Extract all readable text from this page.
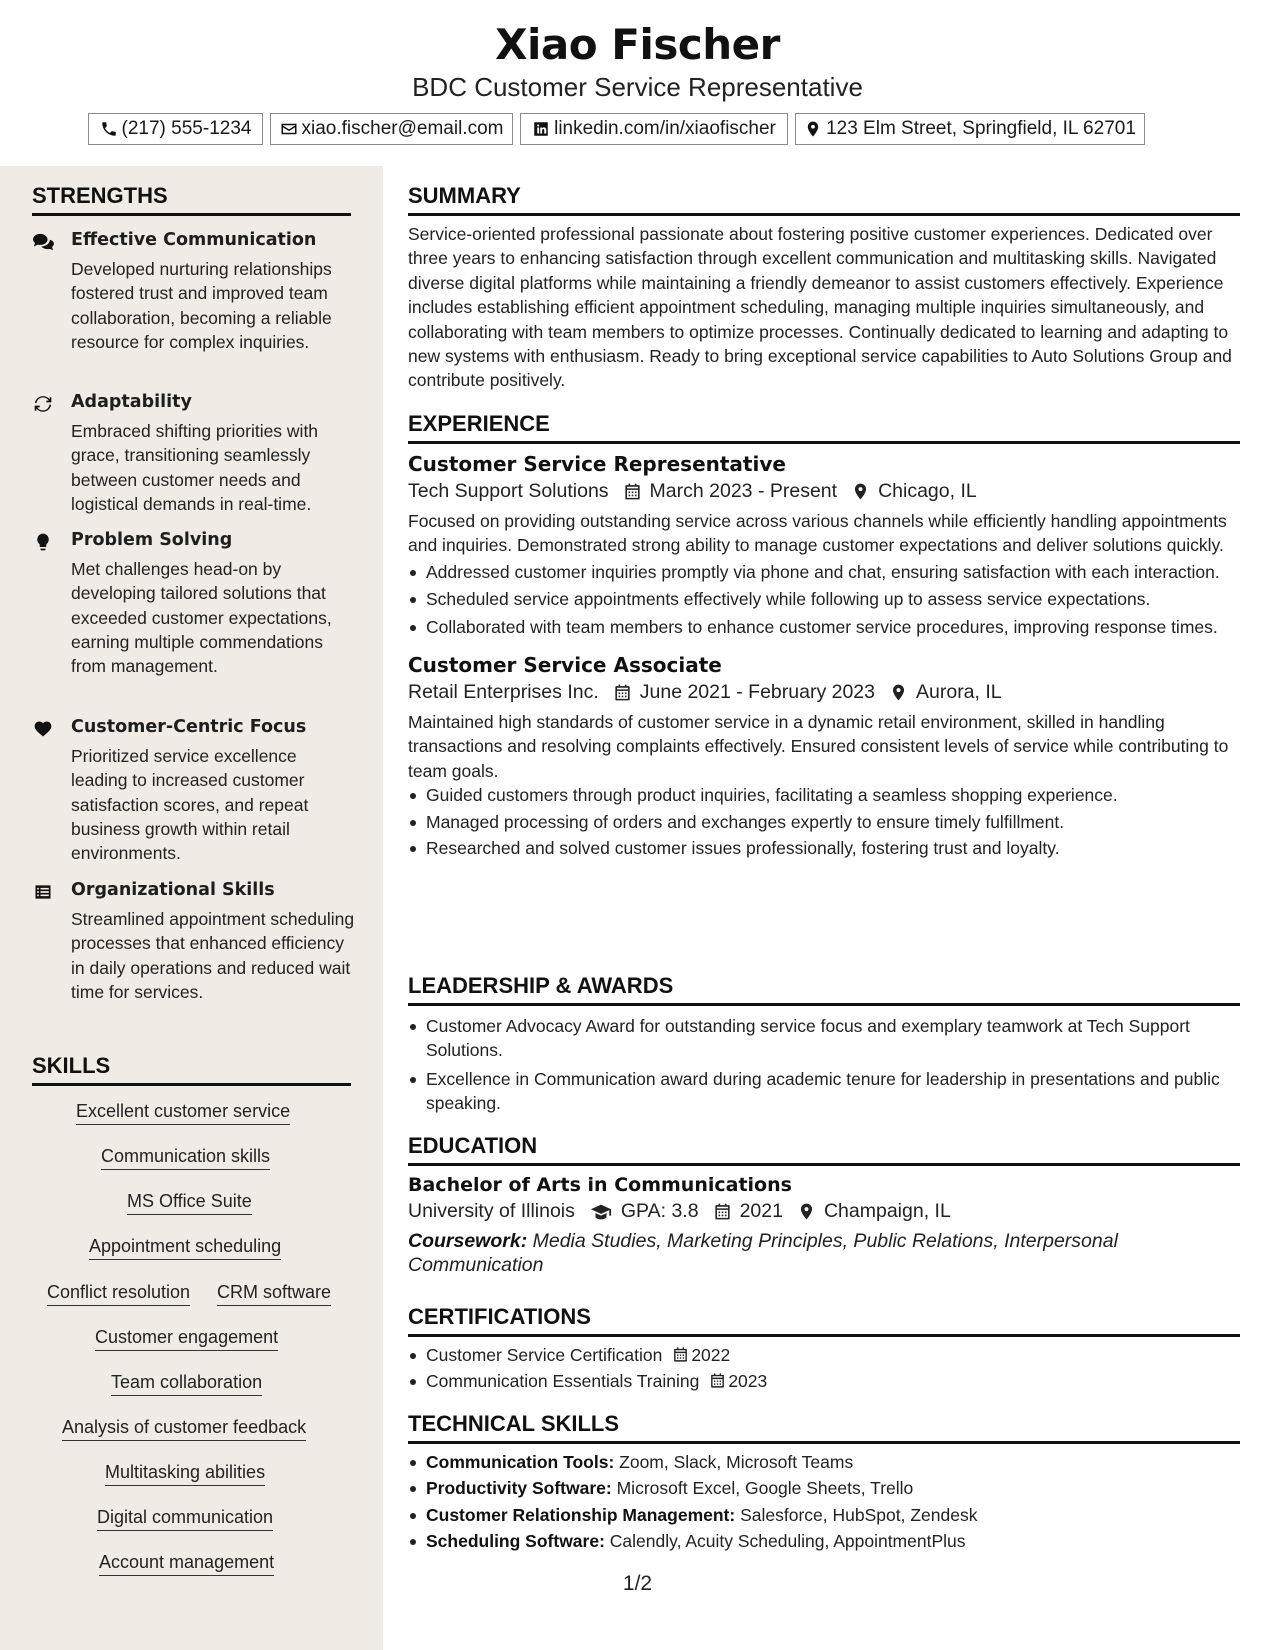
Xiao Fischer
BDC Customer Service Representative
(217) 555-1234	xiao.fischer@email.com	linkedin.com/in/xiaofischer	123 Elm Street, Springfield, IL 62701
STRENGTHS
Effective Communication
Developed nurturing relationships fostered trust and improved team collaboration, becoming a reliable resource for complex inquiries.
Adaptability
Embraced shifting priorities with grace, transitioning seamlessly between customer needs and logistical demands in real-time.
Problem Solving
Met challenges head-on by developing tailored solutions that exceeded customer expectations, earning multiple commendations from management.
Customer-Centric Focus
Prioritized service excellence leading to increased customer satisfaction scores, and repeat business growth within retail environments.
Organizational Skills
Streamlined appointment scheduling processes that enhanced efficiency in daily operations and reduced wait time for services.
SKILLS
Excellent customer service
Communication skills
MS Office Suite
Appointment scheduling
Conflict resolution CRM software
Customer engagement
Team collaboration
Analysis of customer feedback
Multitasking abilities
Digital communication
Account management
SUMMARY
Service-oriented professional passionate about fostering positive customer experiences. Dedicated over three years to enhancing satisfaction through excellent communication and multitasking skills. Navigated diverse digital platforms while maintaining a friendly demeanor to assist customers effectively. Experience includes establishing efficient appointment scheduling, managing multiple inquiries simultaneously, and collaborating with team members to optimize processes. Continually dedicated to learning and adapting to new systems with enthusiasm. Ready to bring exceptional service capabilities to Auto Solutions Group and contribute positively.
EXPERIENCE
Customer Service Representative
Tech Support Solutions March 2023 - Present Chicago, IL
Focused on providing outstanding service across various channels while efficiently handling appointments and inquiries. Demonstrated strong ability to manage customer expectations and deliver solutions quickly.
Addressed customer inquiries promptly via phone and chat, ensuring satisfaction with each interaction.
Scheduled service appointments effectively while following up to assess service expectations.
Collaborated with team members to enhance customer service procedures, improving response times.
Customer Service Associate
Retail Enterprises Inc. June 2021 - February 2023 Aurora, IL
Maintained high standards of customer service in a dynamic retail environment, skilled in handling transactions and resolving complaints effectively. Ensured consistent levels of service while contributing to team goals.
Guided customers through product inquiries, facilitating a seamless shopping experience.
Managed processing of orders and exchanges expertly to ensure timely fulfillment.
Researched and solved customer issues professionally, fostering trust and loyalty.
LEADERSHIP & AWARDS
Customer Advocacy Award for outstanding service focus and exemplary teamwork at Tech Support Solutions.
Excellence in Communication award during academic tenure for leadership in presentations and public speaking.
EDUCATION
Bachelor of Arts in Communications
University of Illinois GPA: 3.8 2021 Champaign, IL
Coursework: Media Studies, Marketing Principles, Public Relations, Interpersonal Communication
CERTIFICATIONS
Customer Service Certification 2022
Communication Essentials Training 2023
TECHNICAL SKILLS
Communication Tools: Zoom, Slack, Microsoft Teams
Productivity Software: Microsoft Excel, Google Sheets, Trello
Customer Relationship Management: Salesforce, HubSpot, Zendesk
Scheduling Software: Calendly, Acuity Scheduling, AppointmentPlus
1/2
